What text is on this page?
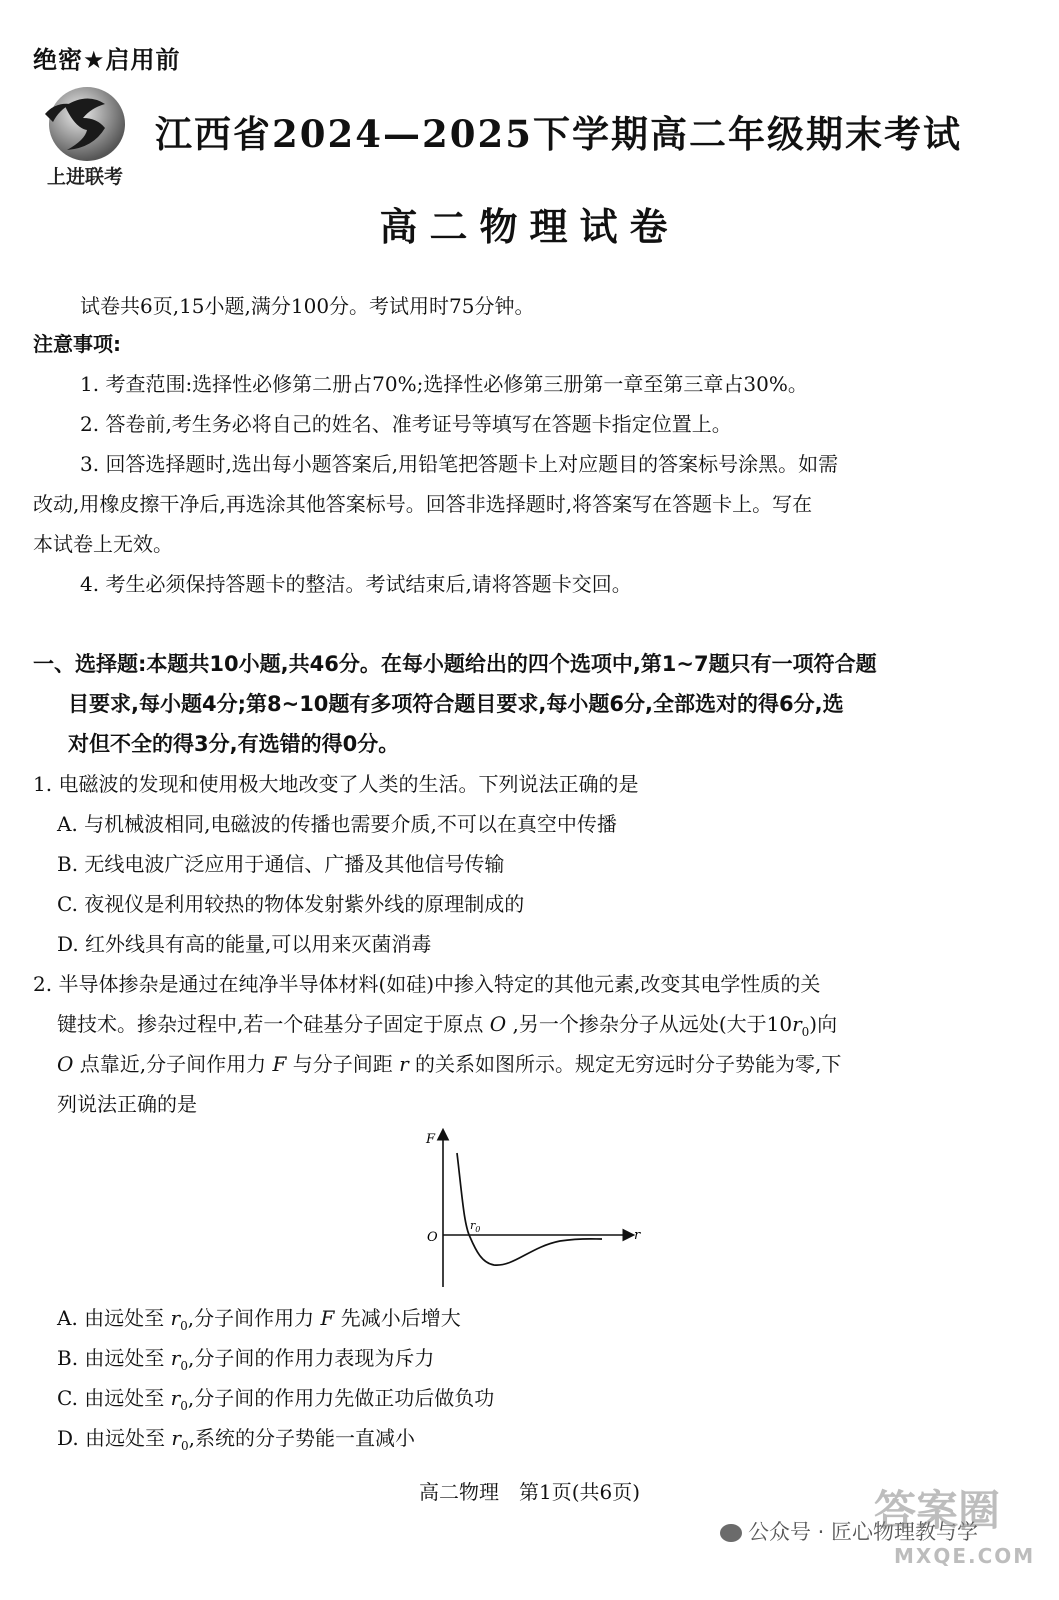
绝密★启用前
上进联考
江西省2024—2025下学期高二年级期末考试
高二物理试卷
试卷共6页,15小题,满分100分。考试用时75分钟。
注意事项:
1. 考查范围:选择性必修第二册占70%;选择性必修第三册第一章至第三章占30%。
2. 答卷前,考生务必将自己的姓名、准考证号等填写在答题卡指定位置上。
3. 回答选择题时,选出每小题答案后,用铅笔把答题卡上对应题目的答案标号涂黑。如需
改动,用橡皮擦干净后,再选涂其他答案标号。回答非选择题时,将答案写在答题卡上。写在
本试卷上无效。
4. 考生必须保持答题卡的整洁。考试结束后,请将答题卡交回。
一、选择题:本题共10小题,共46分。在每小题给出的四个选项中,第1~7题只有一项符合题
目要求,每小题4分;第8~10题有多项符合题目要求,每小题6分,全部选对的得6分,选
对但不全的得3分,有选错的得0分。
1. 电磁波的发现和使用极大地改变了人类的生活。下列说法正确的是
A. 与机械波相同,电磁波的传播也需要介质,不可以在真空中传播
B. 无线电波广泛应用于通信、广播及其他信号传输
C. 夜视仪是利用较热的物体发射紫外线的原理制成的
D. 红外线具有高的能量,可以用来灭菌消毒
2. 半导体掺杂是通过在纯净半导体材料(如硅)中掺入特定的其他元素,改变其电学性质的关
键技术。掺杂过程中,若一个硅基分子固定于原点 O ,另一个掺杂分子从远处(大于$10r_0$)向
O 点靠近,分子间作用力 F 与分子间距 r 的关系如图所示。规定无穷远时分子势能为零,下
列说法正确的是
F
r
O
$r_0$
A. 由远处至 $r_0$,分子间作用力 F 先减小后增大
B. 由远处至 $r_0$,分子间的作用力表现为斥力
C. 由远处至 $r_0$,分子间的作用力先做正功后做负功
D. 由远处至 $r_0$,系统的分子势能一直减小
高二物理　第1页(共6页)
公众号 · 匠心物理教与学
答案圈
MXQE.COM
